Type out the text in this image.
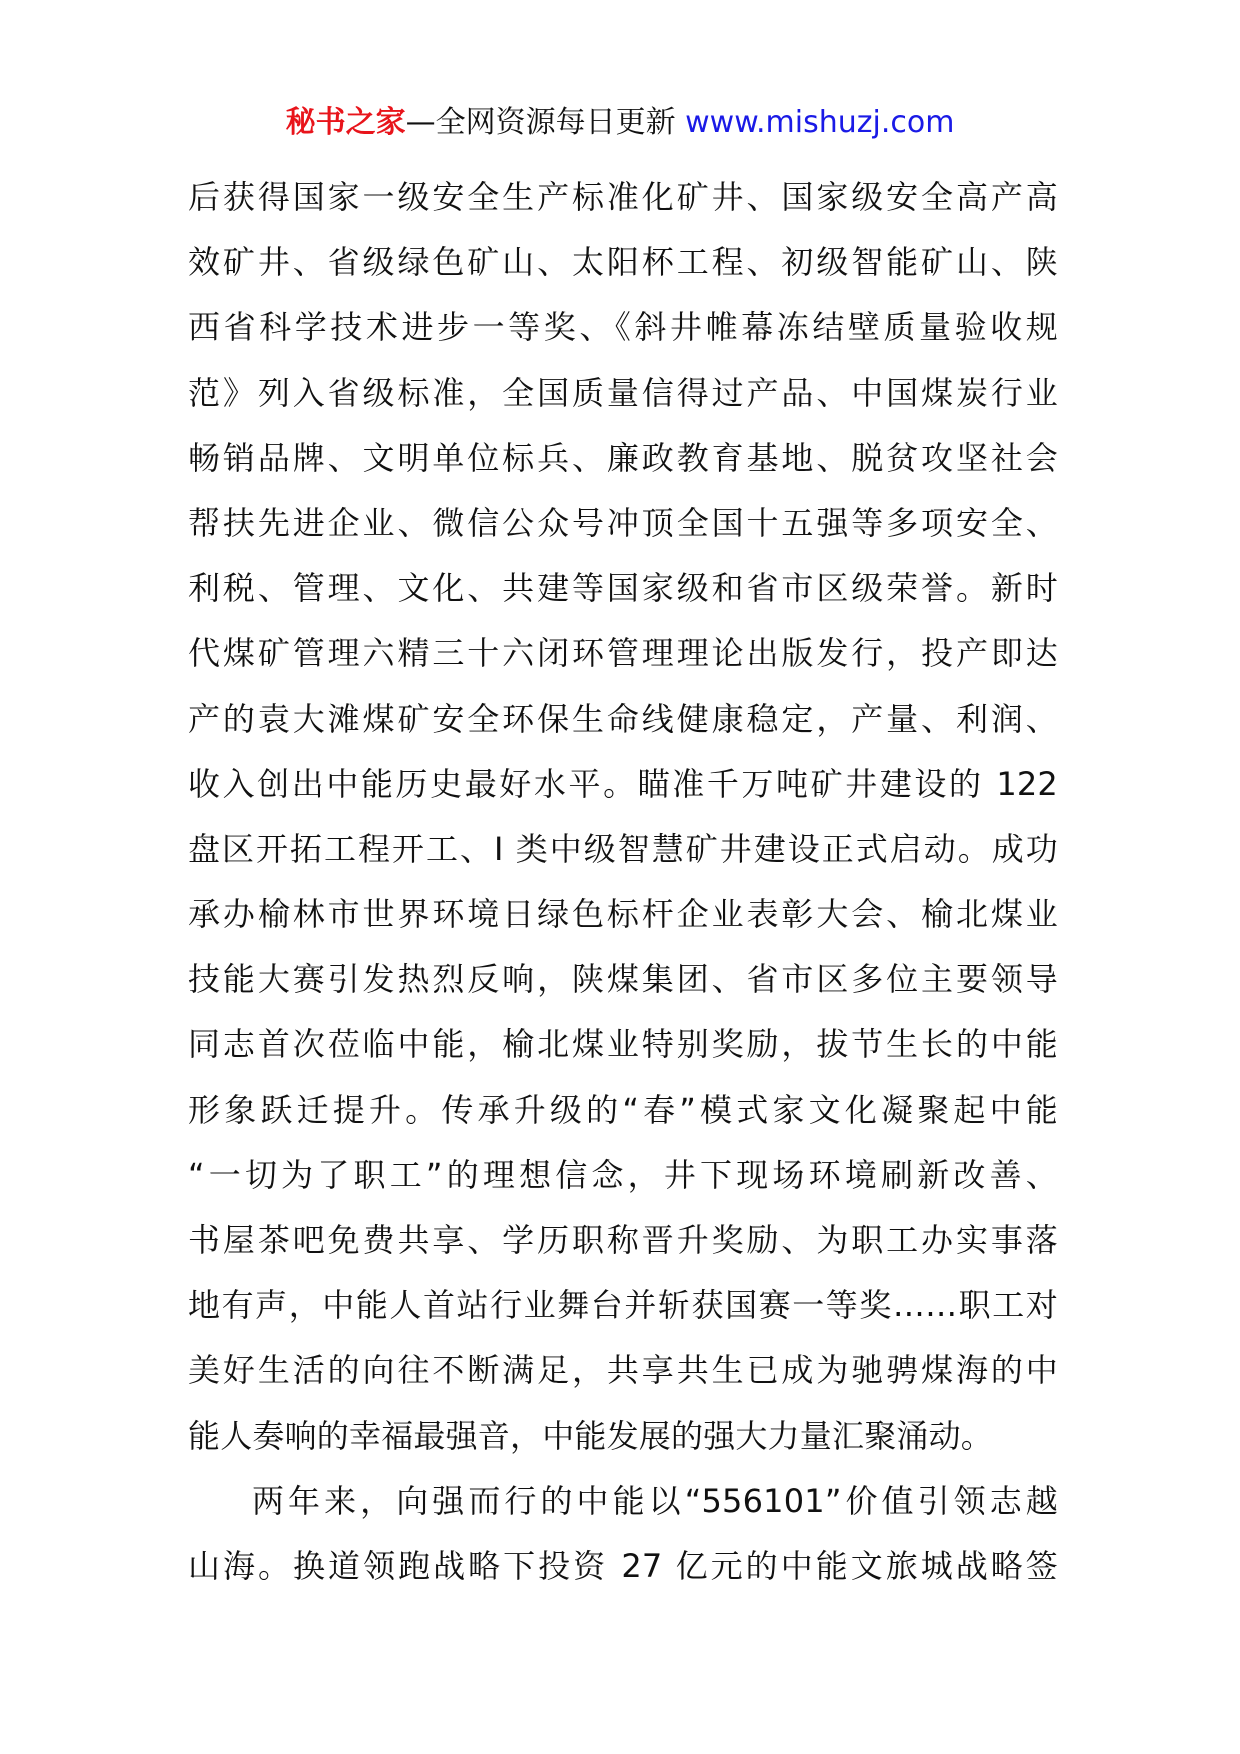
秘书之家—全网资源每日更新 www.mishuzj.com
后获得国家一级安全生产标准化矿井、国家级安全高产高
效矿井、省级绿色矿山、太阳杯工程、初级智能矿山、陕
西省科学技术进步一等奖、《斜井帷幕冻结壁质量验收规
范》列入省级标准，全国质量信得过产品、中国煤炭行业
畅销品牌、文明单位标兵、廉政教育基地、脱贫攻坚社会
帮扶先进企业、微信公众号冲顶全国十五强等多项安全、
利税、管理、文化、共建等国家级和省市区级荣誉。新时
代煤矿管理六精三十六闭环管理理论出版发行，投产即达
产的袁大滩煤矿安全环保生命线健康稳定，产量、利润、
收入创出中能历史最好水平。瞄准千万吨矿井建设的 122
盘区开拓工程开工、I 类中级智慧矿井建设正式启动。成功
承办榆林市世界环境日绿色标杆企业表彰大会、榆北煤业
技能大赛引发热烈反响，陕煤集团、省市区多位主要领导
同志首次莅临中能，榆北煤业特别奖励，拔节生长的中能
形象跃迁提升。传承升级的“春”模式家文化凝聚起中能
“一切为了职工”的理想信念，井下现场环境刷新改善、
书屋茶吧免费共享、学历职称晋升奖励、为职工办实事落
地有声，中能人首站行业舞台并斩获国赛一等奖……职工对
美好生活的向往不断满足，共享共生已成为驰骋煤海的中
能人奏响的幸福最强音，中能发展的强大力量汇聚涌动。
两年来，向强而行的中能以“556101”价值引领志越
山海。换道领跑战略下投资 27 亿元的中能文旅城战略签
